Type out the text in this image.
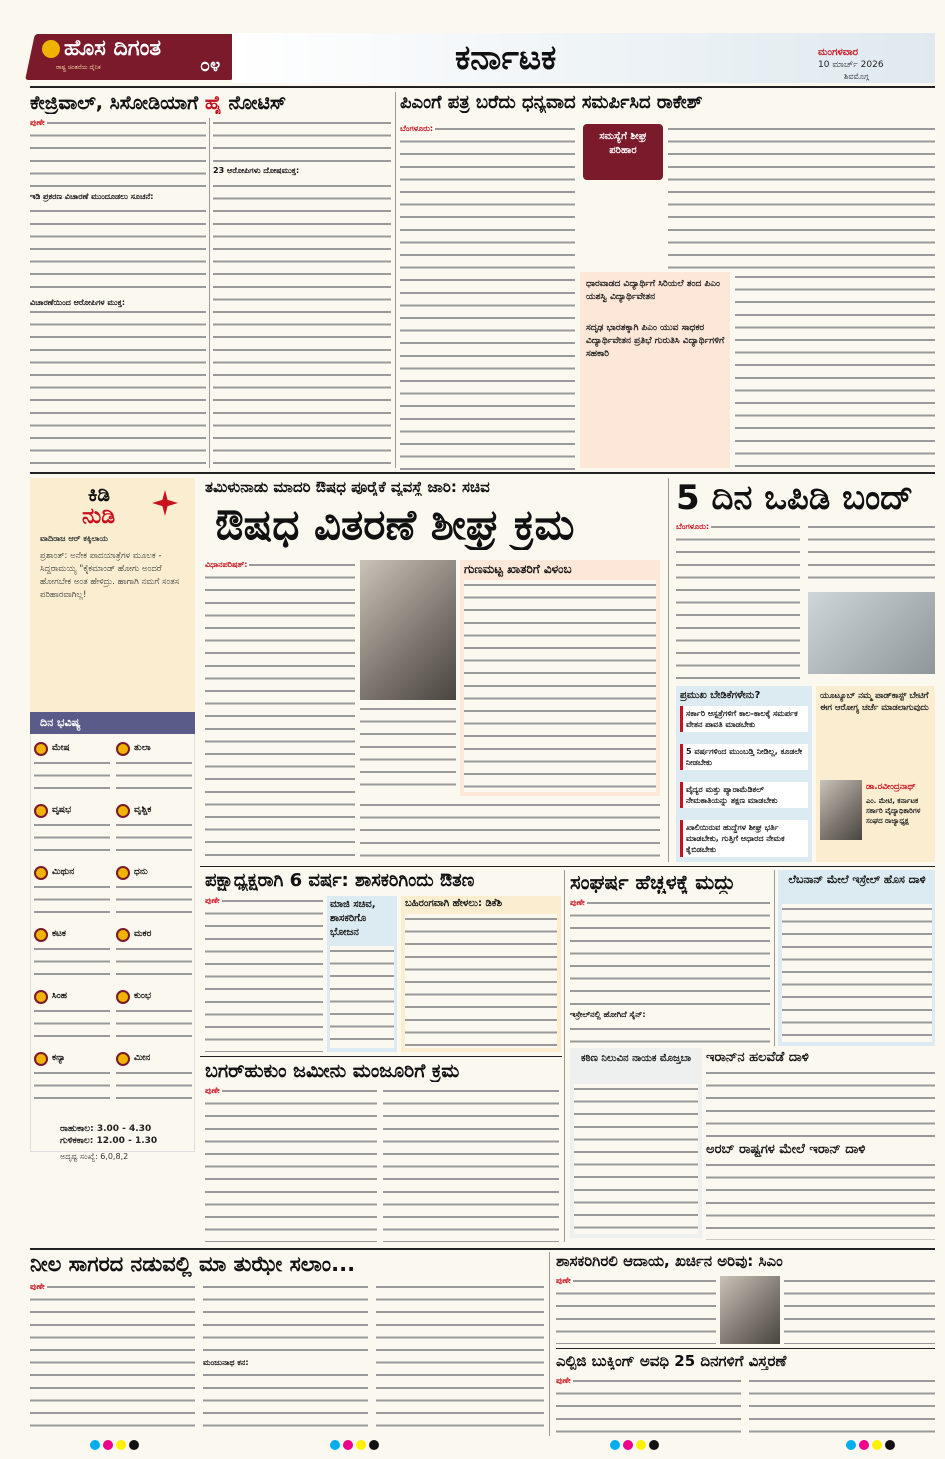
ಹೊಸ ದಿಗಂತ
ರಾಷ್ಟ್ರ ಚಿಂತನೆಯ ದೈನಿಕ	೦೪	ಕರ್ನಾಟಕ	ಮಂಗಳವಾರ
10 ಮಾರ್ಚ್ 2026
ಶಿವಮೊಗ್ಗ
ಕೇಜ್ರಿವಾಲ್, ಸಿಸೋಡಿಯಾಗೆ ಹೈ ನೋಟಿಸ್
ಪುಣೇ
ಇಡಿ ಪ್ರಕರಣ ವಿಚಾರಣೆ ಮುಂದೂಡಲು ಸೂಚನೆ:
ವಿಚಾರಣೆಯಿಂದ ಆರೋಪಿಗಳ ಮುಕ್ತ:
23 ಆರೋಪಿಗಳು ದೋಷಮುಕ್ತ:
ಪಿಎಂಗೆ ಪತ್ರ ಬರೆದು ಧನ್ಯವಾದ ಸಮರ್ಪಿಸಿದ ರಾಕೇಶ್
ಬೆಂಗಳೂರು:
ಸಮಸ್ಯೆಗೆ ಶೀಘ್ರ ಪರಿಹಾರ
ಧಾರವಾಡದ ವಿದ್ಯಾರ್ಥಿಗೆ ಸಿರಿಯಲೆ ತಂದ ಪಿಎಂ ಯಶಸ್ವಿ ವಿದ್ಯಾರ್ಥಿವೇತನ
ಸದೃಢ ಭಾರತಕ್ಕಾಗಿ ಪಿಎಂ ಯುವ ಸಾಧಕರ ವಿದ್ಯಾರ್ಥಿವೇತನ ಪ್ರತಿಭೆ ಗುರುತಿಸಿ ವಿದ್ಯಾರ್ಥಿಗಳಿಗೆ ಸಹಕಾರಿ
ಕಿಡಿ
ನುಡಿ
ವಾದಿರಾಜ ಆರ್ ಕಕ್ಕಿಲಾಯ
ಪ್ರಶಾಂತ್: ಅನೇಕ ಪಾದಯಾತ್ರೆಗಳ ಮೂಲಕ - ಸಿದ್ದರಾಮಯ್ಯ "ಕೈಕಮಾಂಡ್ ಹೋಗು ಅಂದರೆ ಹೋಗಬೇಕ ಅಂತ ಹೇಳಿದ್ರು. ಹಾಗಾಗಿ ನಮಗೆ ಸಂತಸ ಪರಿಹಾರವಾಗಿಲ್ಲ!
ದಿನ ಭವಿಷ್ಯ
ಮೇಷ	ತುಲಾ
ವೃಷಭ	ವೃಶ್ಚಿಕ
ಮಿಥುನ	ಧನು
ಕಟಕ	ಮಕರ
ಸಿಂಹ	ಕುಂಭ
ಕನ್ಯಾ	ಮೀನ
ರಾಹುಕಾಲ: 3.00 - 4.30
ಗುಳಿಕಕಾಲ: 12.00 - 1.30
ಅದೃಷ್ಟ ಸಂಖ್ಯೆ: 6,0,8,2
ತಮಿಳುನಾಡು ಮಾದರಿ ಔಷಧ ಪೂರೈಕೆ ವ್ಯವಸ್ಥೆ ಜಾರಿ: ಸಚಿವ
ಔಷಧ ವಿತರಣೆ ಶೀಘ್ರ ಕ್ರಮ
ವಿಧಾನಪರಿಷತ್:	ಗುಣಮಟ್ಟ ಖಾತರಿಗೆ ವಿಳಂಬ
5 ದಿನ ಒಪಿಡಿ ಬಂದ್
ಬೆಂಗಳೂರು:
ಪ್ರಮುಖ ಬೇಡಿಕೆಗಳೇನು?
ಸರ್ಕಾರಿ ಆಸ್ಪತ್ರೆಗಳಿಗೆ ಕಾಲ-ಕಾಲಕ್ಕೆ ಸಮರ್ಪಕ ವೇತನ ಪಾವತಿ ಮಾಡಬೇಕು
5 ವರ್ಷಗಳಿಂದ ಮುಂಬಡ್ತಿ ನೀಡಿಲ್ಲ, ಕೂಡಲೇ ನೀಡಬೇಕು
ವೈದ್ಯರ ಮತ್ತು ಪ್ಯಾರಾಮೆಡಿಕಲ್ ನೇಮಕಾತಿಯನ್ನು ತಕ್ಷಣ ಮಾಡಬೇಕು
ಖಾಲಿಯಿರುವ ಹುದ್ದೆಗಳ ಶೀಘ್ರ ಭರ್ತಿ ಮಾಡಬೇಕು, ಗುತ್ತಿಗೆ ಆಧಾರದ ನೇಮಕ ಕೈಬಿಡಬೇಕು
ಯೂಟ್ಯೂಬ್ ನಮ್ಮ ಪಾಡ್‌ಕಾಸ್ಟ್ ಬೇಟಿಗೆ ಈಗ ಆರೋಗ್ಯ ಚರ್ಚೆ ಮಾಡಲಾಗುವುದು
ಡಾ.ರವೀಂದ್ರನಾಥ್
ಎಂ. ಮೇಟಿ, ಕರ್ನಾಟಕ ಸರ್ಕಾರಿ ವೈದ್ಯಾಧಿಕಾರಿಗಳ ಸಂಘದ ರಾಜ್ಯಾಧ್ಯಕ್ಷ
ಪಕ್ಷಾಧ್ಯಕ್ಷರಾಗಿ 6 ವರ್ಷ: ಶಾಸಕರಿಗಿಂದು ಔತಣ
ಪುಣೇ	ಮಾಜಿ ಸಚಿವ, ಶಾಸಕರಿಗೊ ಭೋಜನ
ಬಹಿರಂಗವಾಗಿ ಹೇಳಲು: ಡಿಕೆಶಿ
ಸಂಘರ್ಷ ಹೆಚ್ಚಳಕ್ಕೆ ಮದ್ದು
ಪುಣೇ
ಇಸ್ರೇಲ್‌ನಲ್ಲಿ ಹೋಗಿದೆ ಸೈನ್:
ಕಠಿಣ ನಿಲುವಿನ ನಾಯಕ ಮೊಜ್ತಬಾ
ಲೆಬನಾನ್ ಮೇಲೆ ಇಸ್ರೇಲ್ ಹೊಸ ದಾಳಿ
ಇರಾನ್‌ನ ಹಲವೆಡೆ ದಾಳಿ
ಅರಬ್ ರಾಷ್ಟ್ರಗಳ ಮೇಲೆ ಇರಾನ್ ದಾಳಿ
ಬಗರ್‌ಹುಕುಂ ಜಮೀನು ಮಂಜೂರಿಗೆ ಕ್ರಮ
ಪುಣೇ
ನೀಲ ಸಾಗರದ ನಡುವಲ್ಲಿ ಮಾ ತುಝೇ ಸಲಾಂ...
ಪುಣೇ
ಮಂಜುನಾಥ ಕನ:
ಶಾಸಕರಿಗಿರಲಿ ಆದಾಯ, ಖರ್ಚಿನ ಅರಿವು: ಸಿಎಂ
ಪುಣೇ
ಎಲ್ಪಿಜಿ ಬುಕ್ಕಿಂಗ್ ಅವಧಿ 25 ದಿನಗಳಿಗೆ ವಿಸ್ತರಣೆ
ಪುಣೇ
